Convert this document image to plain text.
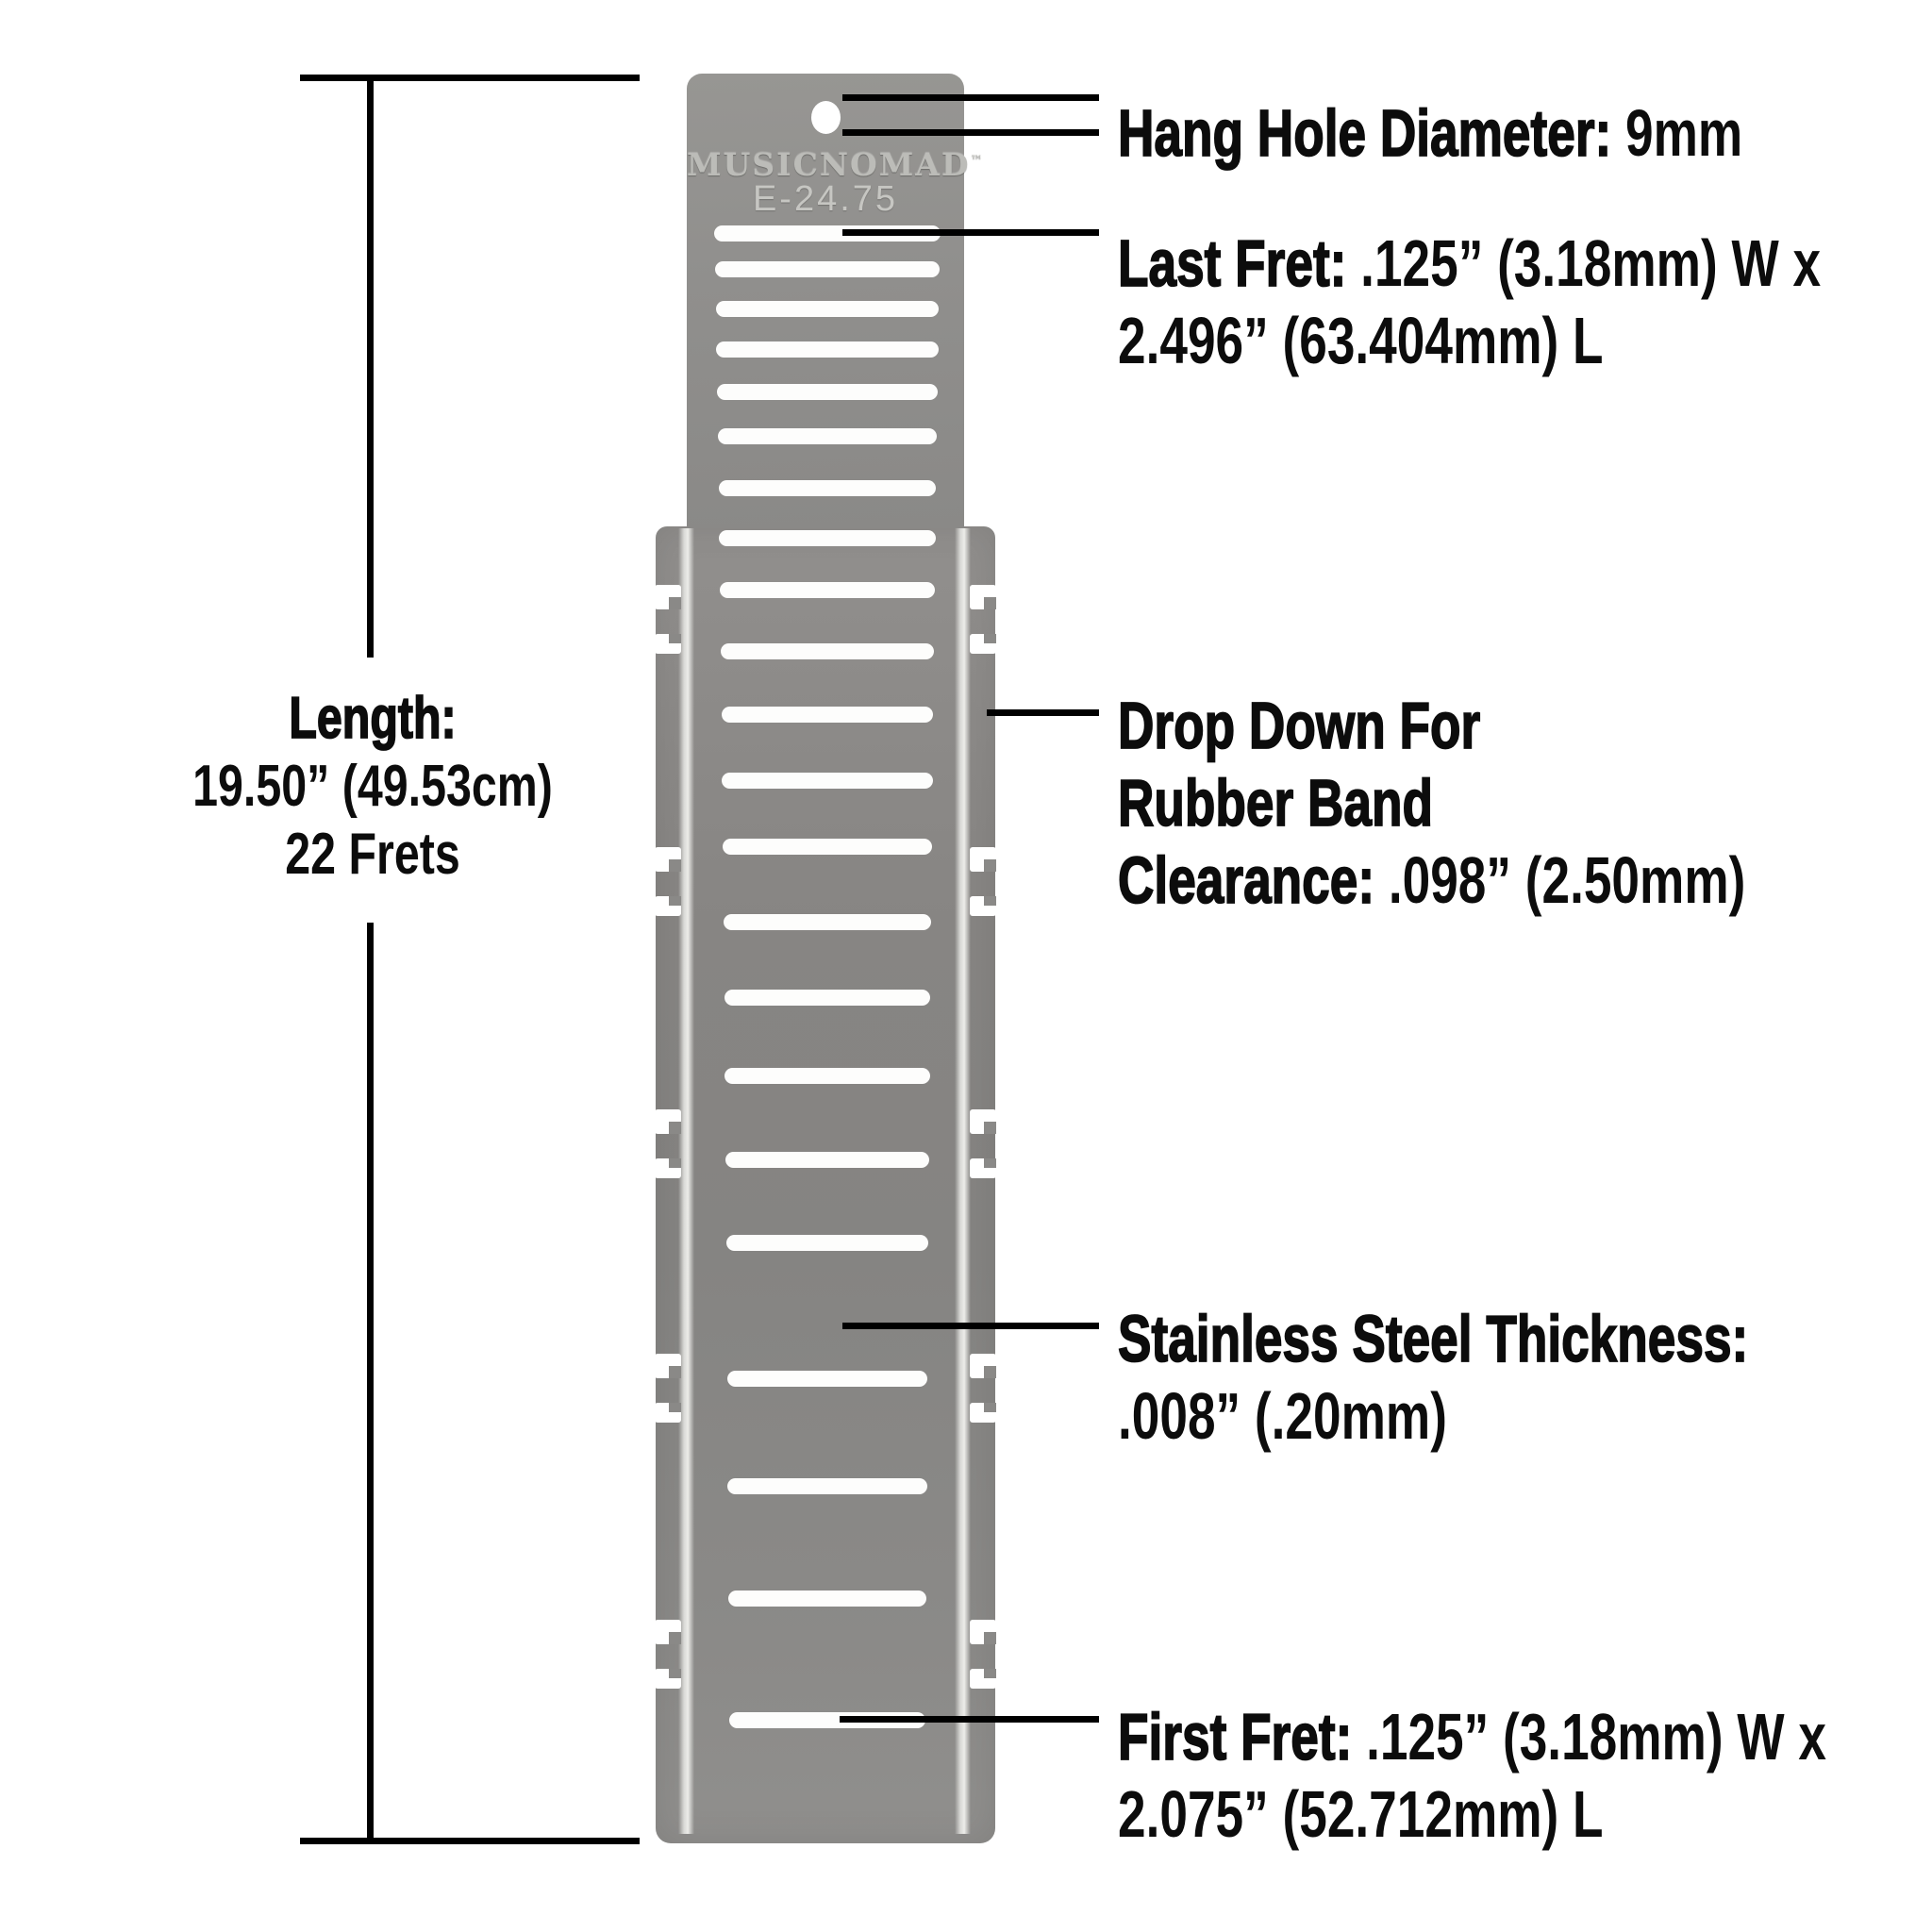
Length:
19.50” (49.53cm)
22 Frets
MUSICNOMAD™
E-24.75
Hang Hole Diameter: 9mm
Last Fret: .125” (3.18mm) W x
2.496” (63.404mm) L
Drop Down For
Rubber Band
Clearance: .098” (2.50mm)
Stainless Steel Thickness:
.008” (.20mm)
First Fret: .125” (3.18mm) W x
2.075” (52.712mm) L
